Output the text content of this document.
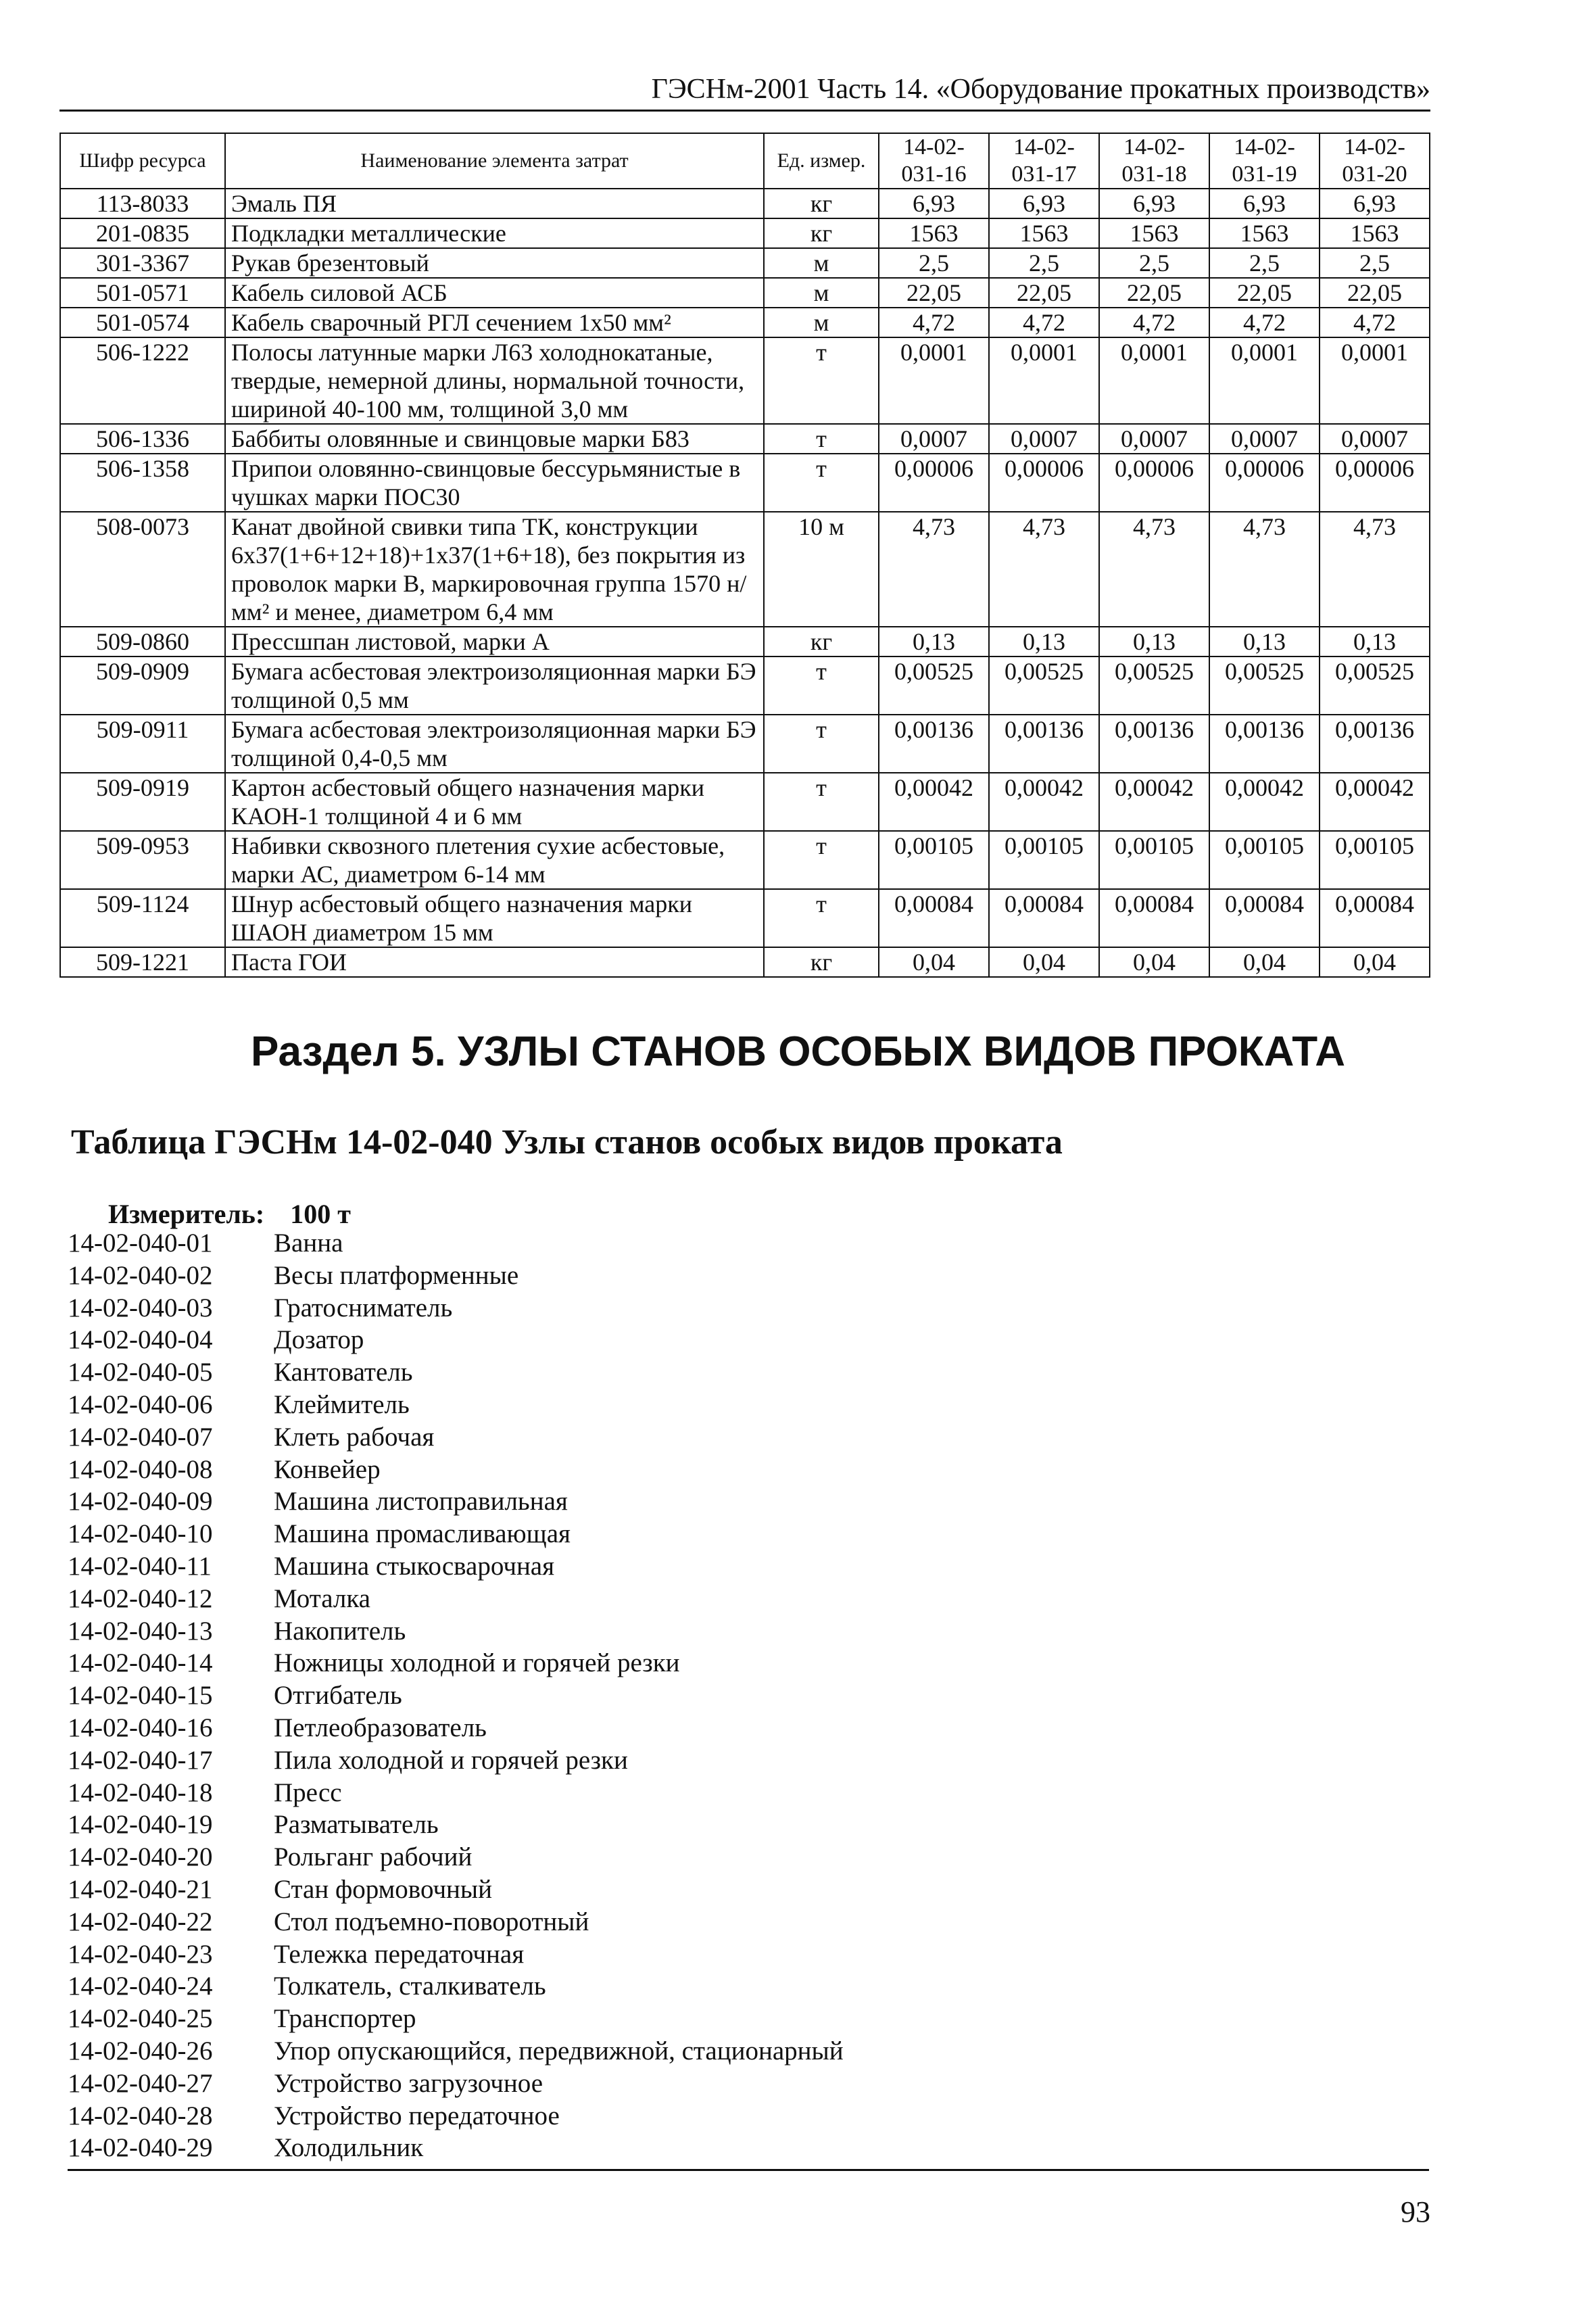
ГЭСНм-2001 Часть 14. «Оборудование прокатных производств»
Шифр ресурса	Наименование элемента затрат	Ед. измер.	14-02-031-16	14-02-031-17	14-02-031-18	14-02-031-19	14-02-031-20
113-8033	Эмаль ПЯ	кг	6,93	6,93	6,93	6,93	6,93
201-0835	Подкладки металлические	кг	1563	1563	1563	1563	1563
301-3367	Рукав брезентовый	м	2,5	2,5	2,5	2,5	2,5
501-0571	Кабель силовой АСБ	м	22,05	22,05	22,05	22,05	22,05
501-0574	Кабель сварочный РГЛ сечением 1х50 мм²	м	4,72	4,72	4,72	4,72	4,72
506-1222	Полосы латунные марки Л63 холоднокатаные, твердые, немерной длины, нормальной точности, шириной 40-100 мм, толщиной 3,0 мм	т	0,0001	0,0001	0,0001	0,0001	0,0001
506-1336	Баббиты оловянные и свинцовые марки Б83	т	0,0007	0,0007	0,0007	0,0007	0,0007
506-1358	Припои оловянно-свинцовые бессурьмянистые в чушках марки ПОС30	т	0,00006	0,00006	0,00006	0,00006	0,00006
508-0073	Канат двойной свивки типа ТК, конструкции 6х37(1+6+12+18)+1х37(1+6+18), без покрытия из проволок марки В, маркировочная группа 1570 н/мм² и менее, диаметром 6,4 мм	10 м	4,73	4,73	4,73	4,73	4,73
509-0860	Прессшпан листовой, марки А	кг	0,13	0,13	0,13	0,13	0,13
509-0909	Бумага асбестовая электроизоляционная марки БЭ толщиной 0,5 мм	т	0,00525	0,00525	0,00525	0,00525	0,00525
509-0911	Бумага асбестовая электроизоляционная марки БЭ толщиной 0,4-0,5 мм	т	0,00136	0,00136	0,00136	0,00136	0,00136
509-0919	Картон асбестовый общего назначения марки КАОН-1 толщиной 4 и 6 мм	т	0,00042	0,00042	0,00042	0,00042	0,00042
509-0953	Набивки сквозного плетения сухие асбестовые, марки АС, диаметром 6-14 мм	т	0,00105	0,00105	0,00105	0,00105	0,00105
509-1124	Шнур асбестовый общего назначения марки ШАОН диаметром 15 мм	т	0,00084	0,00084	0,00084	0,00084	0,00084
509-1221	Паста ГОИ	кг	0,04	0,04	0,04	0,04	0,04
Раздел 5. УЗЛЫ СТАНОВ ОСОБЫХ ВИДОВ ПРОКАТА
Таблица ГЭСНм 14-02-040 Узлы станов особых видов проката
Измеритель: 100 т
14-02-040-01 Ванна
14-02-040-02 Весы платформенные
14-02-040-03 Гратосниматель
14-02-040-04 Дозатор
14-02-040-05 Кантователь
14-02-040-06 Клеймитель
14-02-040-07 Клеть рабочая
14-02-040-08 Конвейер
14-02-040-09 Машина листоправильная
14-02-040-10 Машина промасливающая
14-02-040-11 Машина стыкосварочная
14-02-040-12 Моталка
14-02-040-13 Накопитель
14-02-040-14 Ножницы холодной и горячей резки
14-02-040-15 Отгибатель
14-02-040-16 Петлеобразователь
14-02-040-17 Пила холодной и горячей резки
14-02-040-18 Пресс
14-02-040-19 Разматыватель
14-02-040-20 Рольганг рабочий
14-02-040-21 Стан формовочный
14-02-040-22 Стол подъемно-поворотный
14-02-040-23 Тележка передаточная
14-02-040-24 Толкатель, сталкиватель
14-02-040-25 Транспортер
14-02-040-26 Упор опускающийся, передвижной, стационарный
14-02-040-27 Устройство загрузочное
14-02-040-28 Устройство передаточное
14-02-040-29 Холодильник
93
